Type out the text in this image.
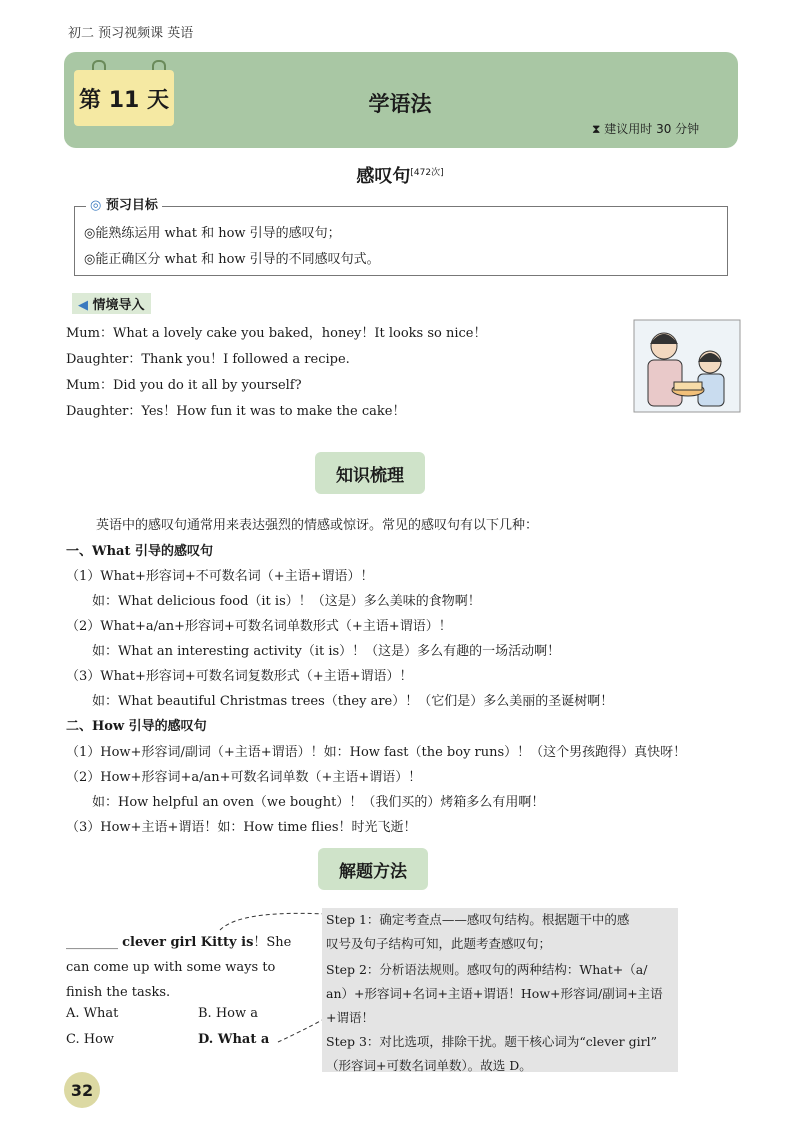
初二 预习视频课 英语
第 11 天	学语法
⧗ 建议用时 30 分钟
感叹句[472次]
◎ 预习目标
◎能熟练运用 what 和 how 引导的感叹句；
◎能正确区分 what 和 how 引导的不同感叹句式。
◀ 情境导入
Mum：What a lovely cake you baked，honey！It looks so nice！
Daughter：Thank you！I followed a recipe.
Mum：Did you do it all by yourself?
Daughter：Yes！How fun it was to make the cake！
知识梳理
英语中的感叹句通常用来表达强烈的情感或惊讶。常见的感叹句有以下几种：
一、What 引导的感叹句
（1）What+形容词+不可数名词（+主语+谓语）！
如：What delicious food（it is）！（这是）多么美味的食物啊！
（2）What+a/an+形容词+可数名词单数形式（+主语+谓语）！
如：What an interesting activity（it is）！（这是）多么有趣的一场活动啊！
（3）What+形容词+可数名词复数形式（+主语+谓语）！
如：What beautiful Christmas trees（they are）！（它们是）多么美丽的圣诞树啊！
二、How 引导的感叹句
（1）How+形容词/副词（+主语+谓语）！如：How fast（the boy runs）！（这个男孩跑得）真快呀！
（2）How+形容词+a/an+可数名词单数（+主语+谓语）！
如：How helpful an oven（we bought）！（我们买的）烤箱多么有用啊！
（3）How+主语+谓语！如：How time flies！时光飞逝！
解题方法
________ clever girl Kitty is！She can come up with some ways to finish the tasks.
A. What	B. How a
C. How	D. What a
Step 1：确定考查点——感叹句结构。根据题干中的感
叹号及句子结构可知，此题考查感叹句；
Step 2：分析语法规则。感叹句的两种结构：What+（a/
an）+形容词+名词+主语+谓语！How+形容词/副词+主语
+谓语！
Step 3：对比选项，排除干扰。题干核心词为“clever girl”
（形容词+可数名词单数）。故选 D。
32
